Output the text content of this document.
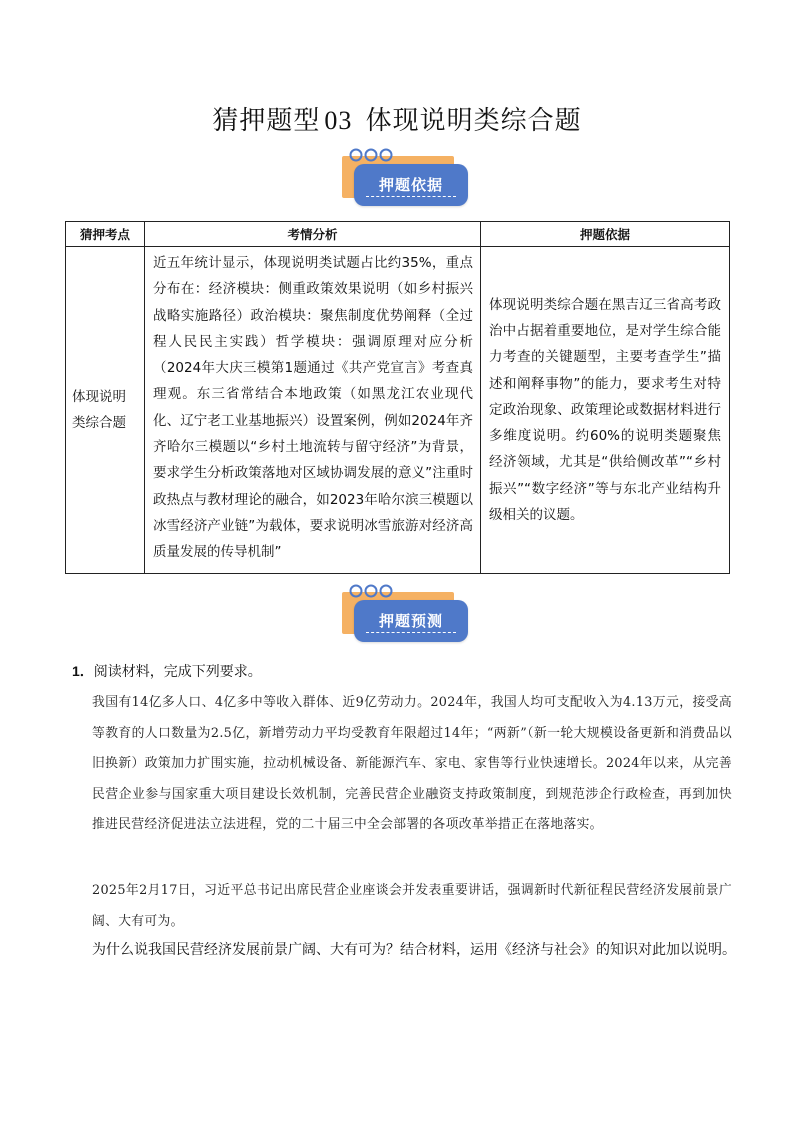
猜押题型 03 体现说明类综合题
押题依据
猜押考点	考情分析	押题依据

体现说明类综合题	近五年统计显示，体现说明类试题占比约35%，重点分布在：经济模块：侧重政策效果说明（如乡村振兴战略实施路径）政治模块：聚焦制度优势阐释（全过程人民民主实践）哲学模块：强调原理对应分析（2024年大庆三模第1题通过《共产党宣言》考查真理观。东三省常结合本地政策（如黑龙江农业现代化、辽宁老工业基地振兴）设置案例，例如2024年齐齐哈尔三模题以“乡村土地流转与留守经济”为背景，要求学生分析政策落地对区域协调发展的意义”注重时政热点与教材理论的融合，如2023年哈尔滨三模题以冰雪经济产业链”为载体，要求说明冰雪旅游对经济高质量发展的传导机制”	体现说明类综合题在黑吉辽三省高考政治中占据着重要地位，是对学生综合能力考查的关键题型，主要考查学生”描述和阐释事物”的能力，要求考生对特定政治现象、政策理论或数据材料进行多维度说明。约60%的说明类题聚焦经济领域，尤其是“供给侧改革”“乡村振兴”“数字经济”等与东北产业结构升级相关的议题。
押题预测
1．阅读材料，完成下列要求。
我国有14亿多人口、4亿多中等收入群体、近9亿劳动力。2024年，我国人均可支配收入为4.13万元，接受高等教育的人口数量为2.5亿，新增劳动力平均受教育年限超过14年；“两新”（新一轮大规模设备更新和消费品以旧换新）政策加力扩围实施，拉动机械设备、新能源汽车、家电、家售等行业快速增长。2024年以来，从完善民营企业参与国家重大项目建设长效机制，完善民营企业融资支持政策制度，到规范涉企行政检查，再到加快推进民营经济促进法立法进程，党的二十届三中全会部署的各项改革举措正在落地落实。
2025年2月17日，习近平总书记出席民营企业座谈会并发表重要讲话，强调新时代新征程民营经济发展前景广阔、大有可为。
为什么说我国民营经济发展前景广阔、大有可为？结合材料，运用《经济与社会》的知识对此加以说明。
